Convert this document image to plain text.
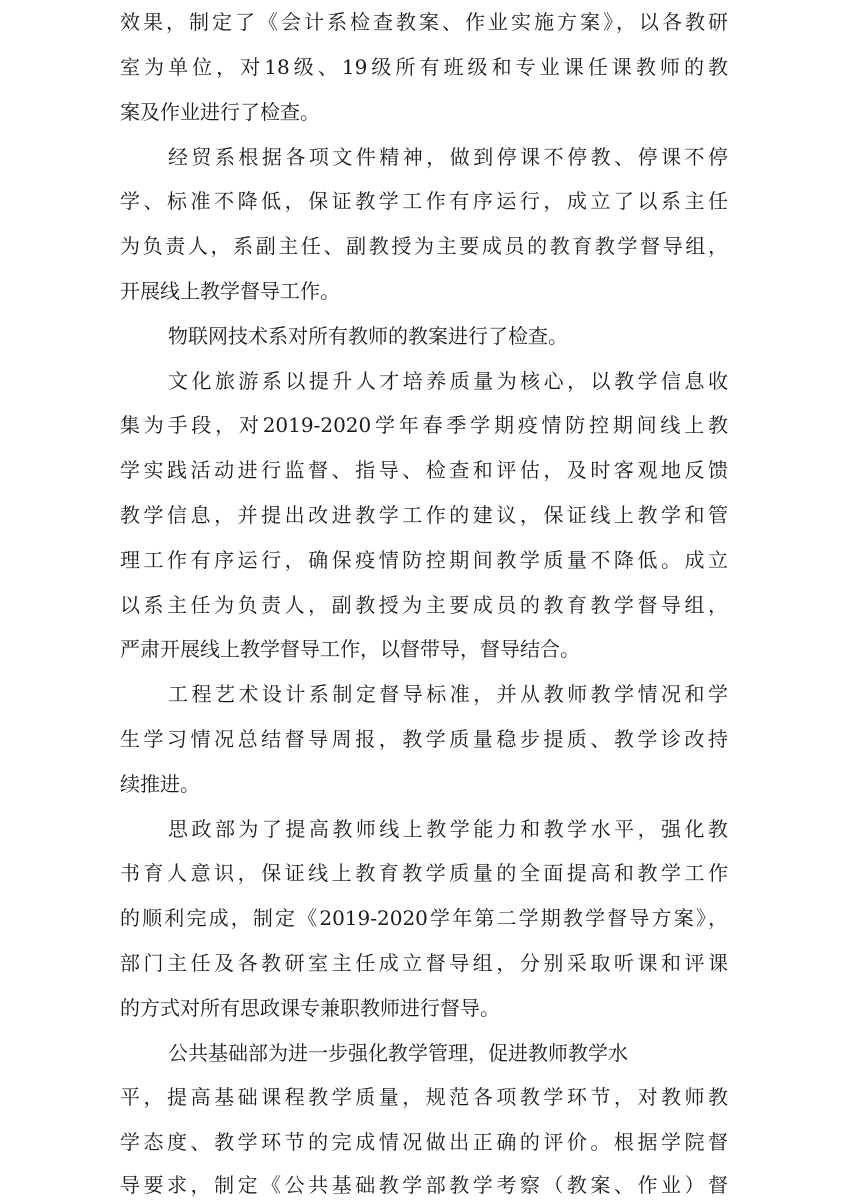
效果，制定了《会计系检查教案、作业实施方案》，以各教研
室为单位，对18级、19级所有班级和专业课任课教师的教
案及作业进行了检查。
经贸系根据各项文件精神，做到停课不停教、停课不停
学、标准不降低，保证教学工作有序运行，成立了以系主任
为负责人，系副主任、副教授为主要成员的教育教学督导组，
开展线上教学督导工作。
物联网技术系对所有教师的教案进行了检查。
文化旅游系以提升人才培养质量为核心，以教学信息收
集为手段，对2019-2020学年春季学期疫情防控期间线上教
学实践活动进行监督、指导、检查和评估，及时客观地反馈
教学信息，并提出改进教学工作的建议，保证线上教学和管
理工作有序运行，确保疫情防控期间教学质量不降低。成立
以系主任为负责人，副教授为主要成员的教育教学督导组，
严肃开展线上教学督导工作，以督带导，督导结合。
工程艺术设计系制定督导标准，并从教师教学情况和学
生学习情况总结督导周报，教学质量稳步提质、教学诊改持
续推进。
思政部为了提高教师线上教学能力和教学水平，强化教
书育人意识，保证线上教育教学质量的全面提高和教学工作
的顺利完成，制定《2019-2020学年第二学期教学督导方案》，
部门主任及各教研室主任成立督导组，分别采取听课和评课
的方式对所有思政课专兼职教师进行督导。
公共基础部为进一步强化教学管理，促进教师教学水
平，提高基础课程教学质量，规范各项教学环节，对教师教
学态度、教学环节的完成情况做出正确的评价。根据学院督
导要求，制定《公共基础教学部教学考察（教案、作业）督
